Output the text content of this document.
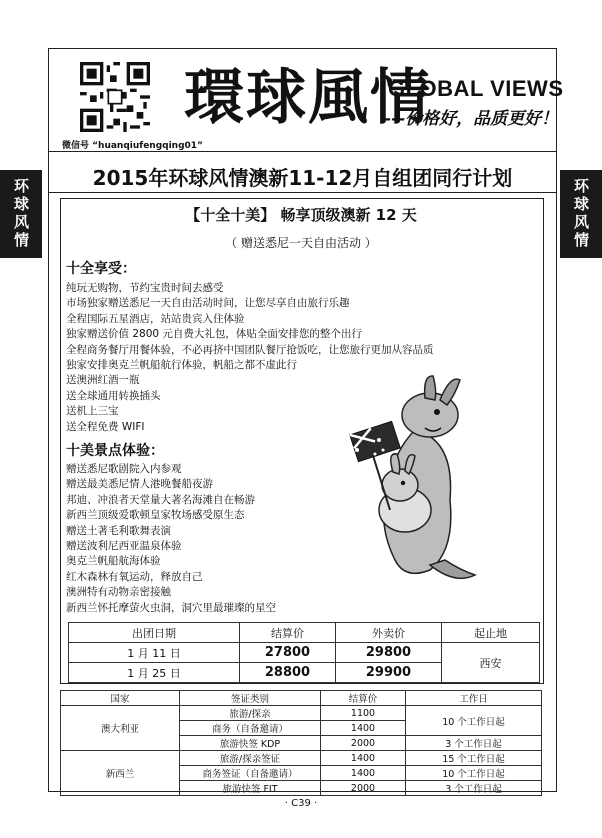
微信号 “huanqiufengqing01”
環球風情
GLOBAL VIEWS
---价格好，品质更好！
2015年环球风情澳新11-12月自组团同行计划
环球风情	环球风情
【十全十美】 畅享顶级澳新 12 天
（ 赠送悉尼一天自由活动 ）
十全享受：
纯玩无购物，节约宝贵时间去感受
市场独家赠送悉尼一天自由活动时间，让您尽享自由旅行乐趣
全程国际五星酒店，站站贵宾入住体验
独家赠送价值 2800 元自费大礼包，体贴全面安排您的整个出行
全程商务餐厅用餐体验，不必再挤中国团队餐厅抢饭吃，让您旅行更加从容品质
独家安排奥克兰帆船航行体验，帆船之都不虚此行
送澳洲红酒一瓶
送全球通用转换插头
送机上三宝
送全程免费 WIFI
十美景点体验：
赠送悉尼歌剧院入内参观
赠送最美悉尼情人港晚餐船夜游
邦迪、冲浪者天堂量大著名海滩自在畅游
新西兰顶级爱歌顿皇家牧场感受原生态
赠送土著毛利歌舞表演
赠送波利尼西亚温泉体验
奥克兰帆船航海体验
红木森林有氧运动，释放自己
澳洲特有动物亲密接触
新西兰怀托摩萤火虫洞，洞穴里最璀璨的星空
出团日期	结算价	外卖价	起止地
1 月 11 日	27800	29800	西安
1 月 25 日	28800	29900	
国家	签证类别	结算价	工作日
澳大利亚	旅游/探亲	1100	10 个工作日起
	商务（自备邀请）	1400	
	旅游快签 KDP	2000	3 个工作日起
新西兰	旅游/探亲签证	1400	15 个工作日起
	商务签证（自备邀请）	1400	10 个工作日起
	旅游快签 FIT	2000	3 个工作日起
· C39 ·
